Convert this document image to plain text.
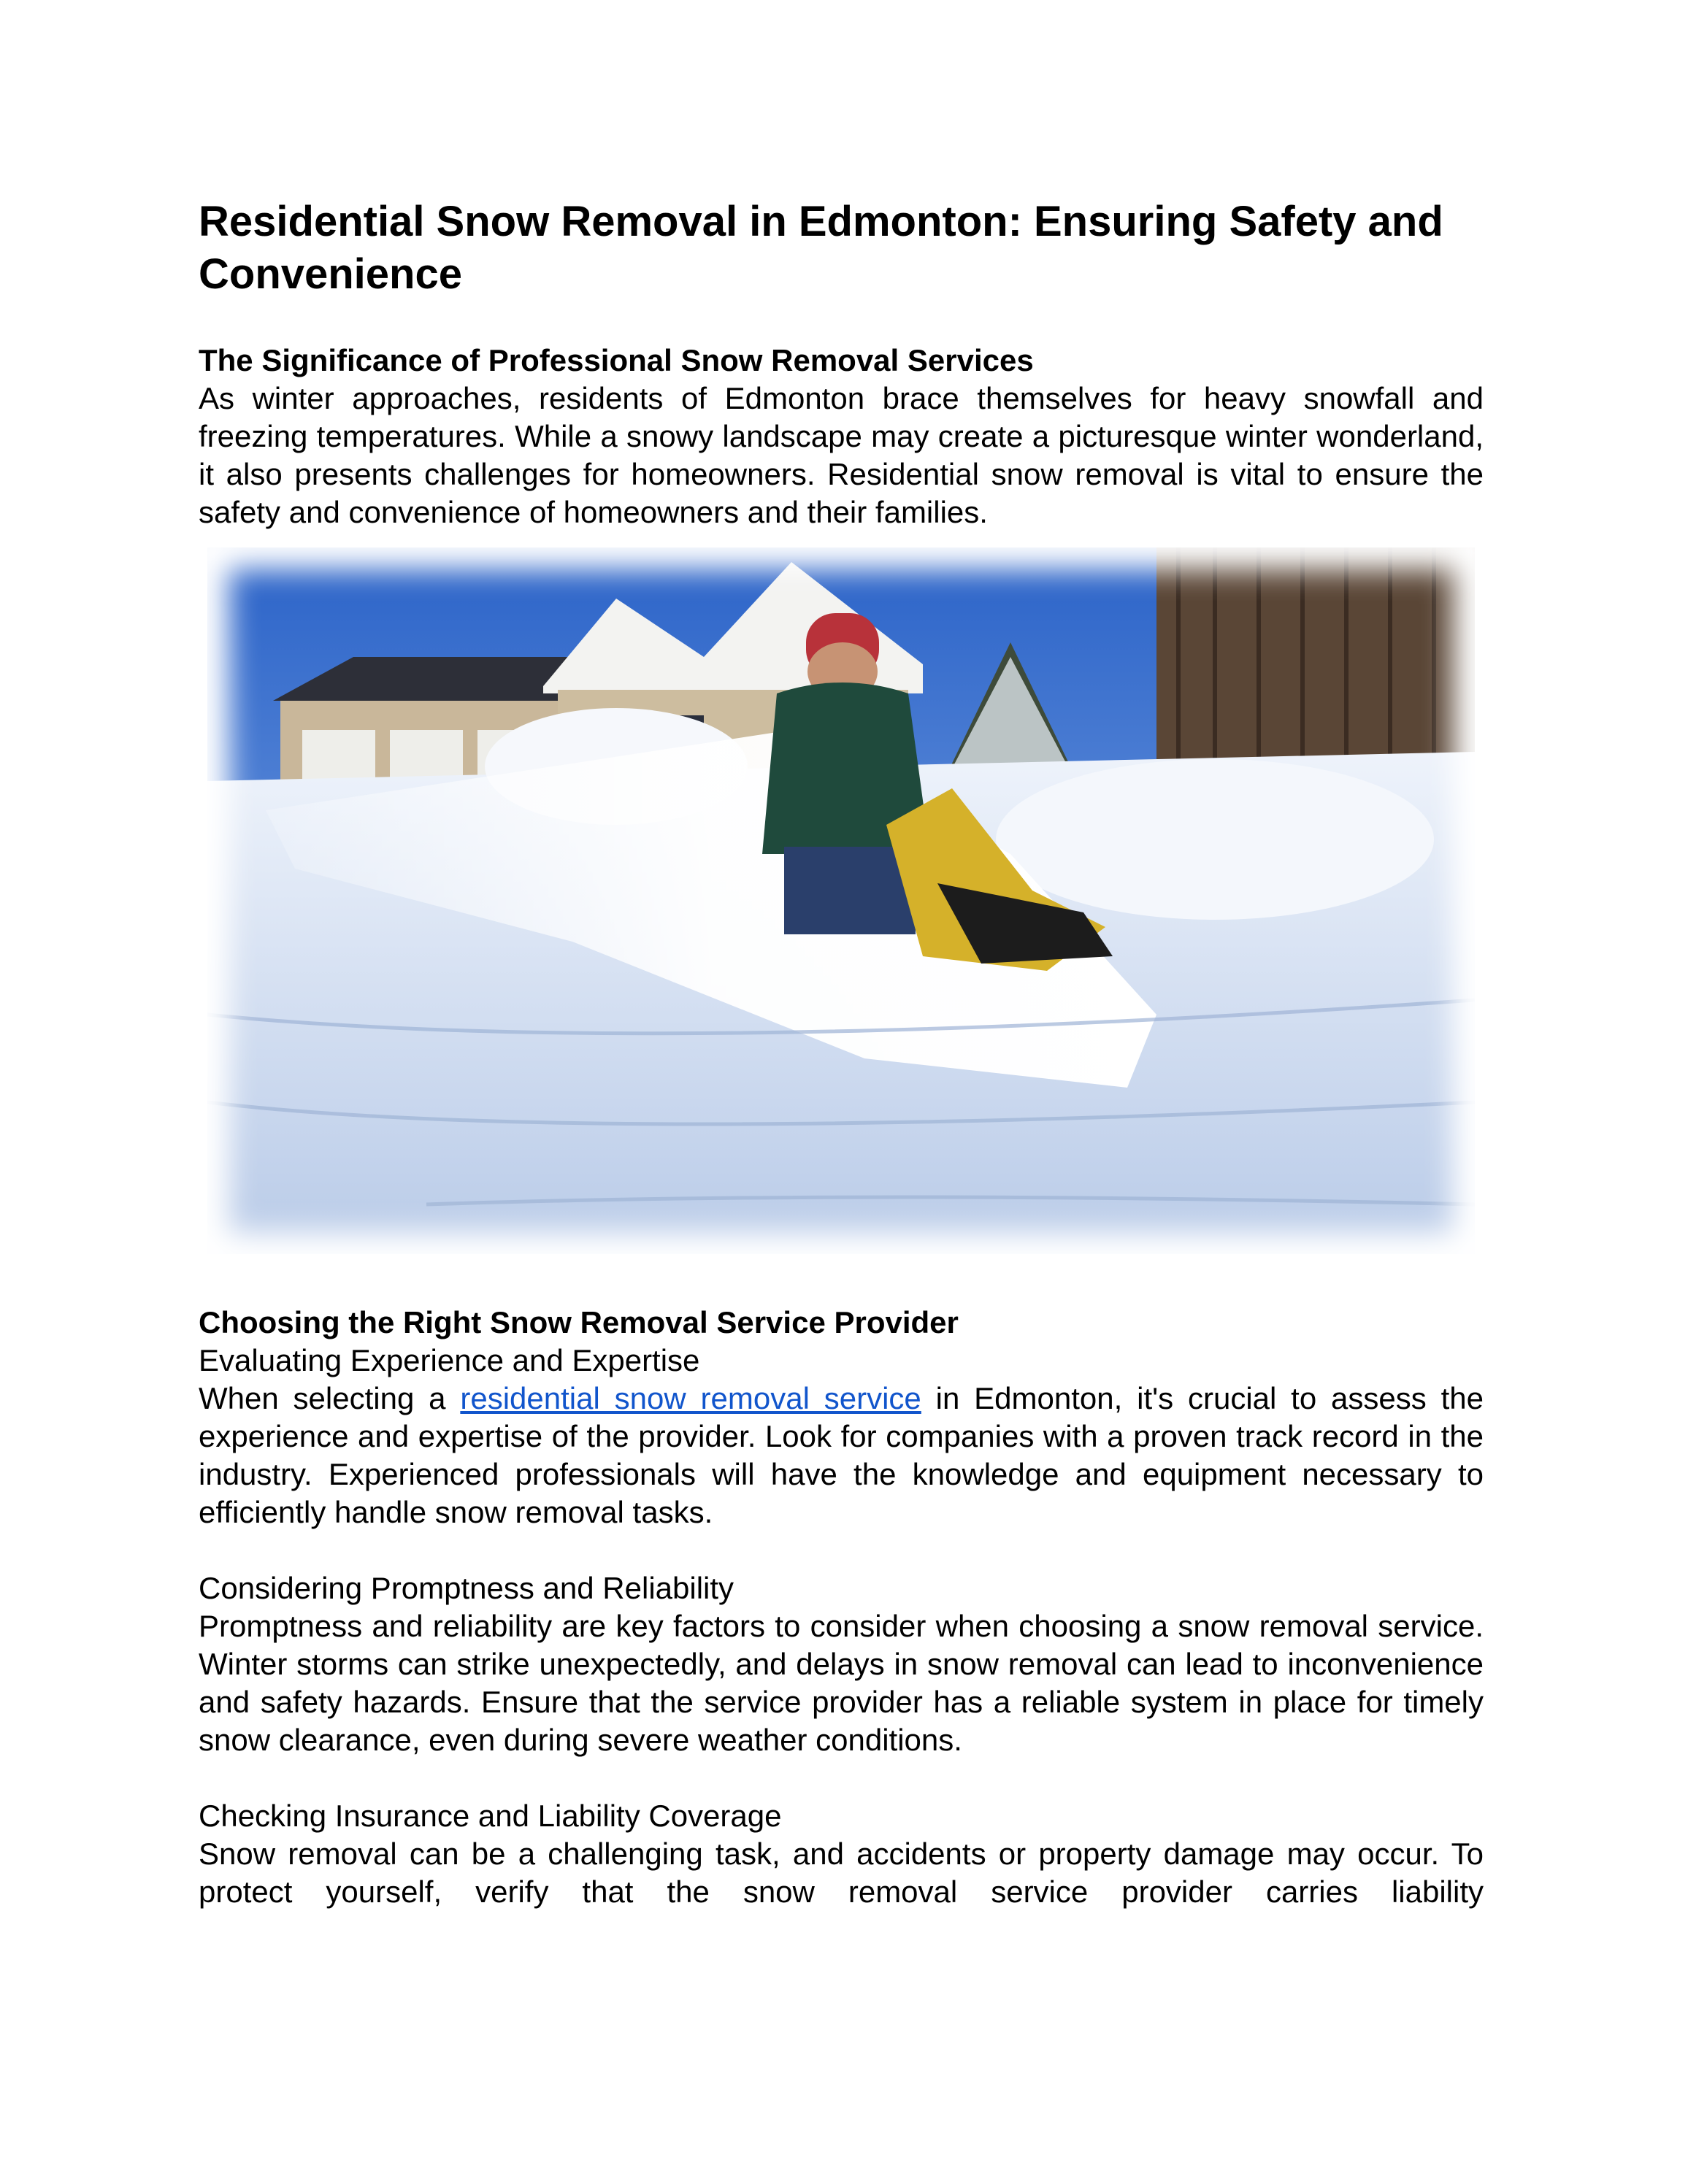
Residential Snow Removal in Edmonton: Ensuring Safety and Convenience
The Significance of Professional Snow Removal Services

As winter approaches, residents of Edmonton brace themselves for heavy snowfall and freezing temperatures. While a snowy landscape may create a picturesque winter wonderland, it also presents challenges for homeowners. Residential snow removal is vital to ensure the safety and convenience of homeowners and their families.

Choosing the Right Snow Removal Service Provider
Evaluating Experience and Expertise

When selecting a residential snow removal service in Edmonton, it's crucial to assess the experience and expertise of the provider. Look for companies with a proven track record in the industry. Experienced professionals will have the knowledge and equipment necessary to efficiently handle snow removal tasks.

Considering Promptness and Reliability

Promptness and reliability are key factors to consider when choosing a snow removal service. Winter storms can strike unexpectedly, and delays in snow removal can lead to inconvenience and safety hazards. Ensure that the service provider has a reliable system in place for timely snow clearance, even during severe weather conditions.

Checking Insurance and Liability Coverage

Snow removal can be a challenging task, and accidents or property damage may occur. To protect yourself, verify that the snow removal service provider carries liability
